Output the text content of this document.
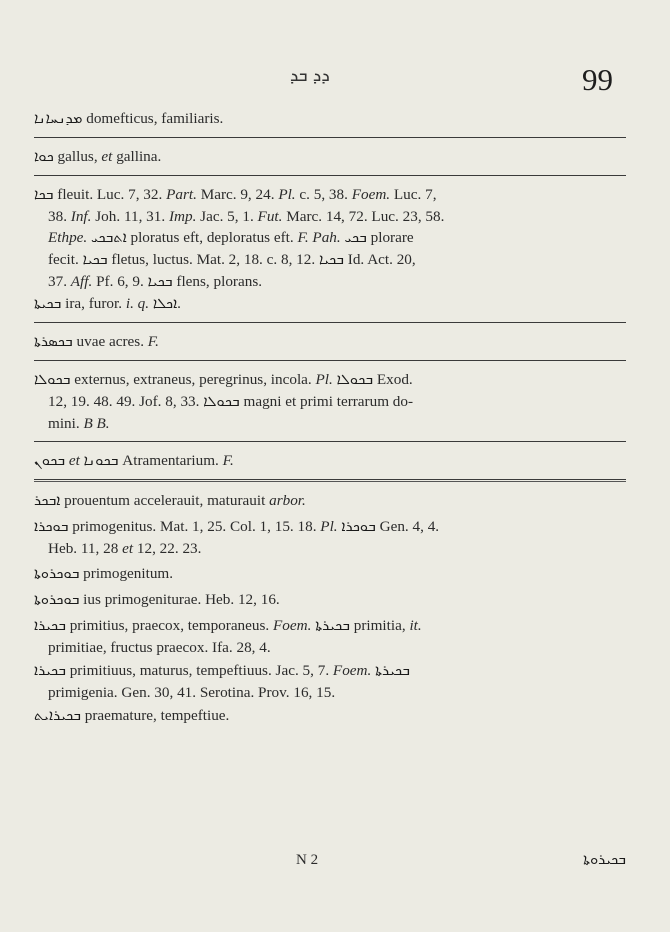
ܕܕ ܒܕ	99

ܡܕܢܚܐܢܐ domefticus, familiaris.

ܟܘܐ gallus, et gallina.

ܒܟܐ fleuit. Luc. 7, 32. Part. Marc. 9, 24. Pl. c. 5, 38. Foem. Luc. 7,

38. Inf. Joh. 11, 31. Imp. Jac. 5, 1. Fut. Marc. 14, 72. Luc. 23, 58.

Ethpe. ܐܬܒܟܝ ploratus eft, deploratus eft. F. Pah. ܒܟܝ plorare

fecit. ܒܟܝܐ fletus, luctus. Mat. 2, 18. c. 8, 12. ܒܟܝܐ Id. Act. 20,

37. Aff. Pf. 6, 9. ܒܟܝܐ flens, plorans.

ܒܟܝܬܐ ira, furor. i. q. ܐܟܠܐ.

ܒܟܣܪܬܐ uvae acres. F.

ܒܟܘܠܐ externus, extraneus, peregrinus, incola. Pl. ܒܟܘܠܐ Exod.

12, 19. 48. 49. Jof. 8, 33. ܒܟܘܠܐ magni et primi terrarum do-

mini. B B.

ܒܟܘܢ et ܒܟܘܢܐ Atramentarium. F.

ܐܒܟܪ prouentum accelerauit, maturauit arbor.

ܒܘܟܪܐ primogenitus. Mat. 1, 25. Col. 1, 15. 18. Pl. ܒܘܟܪܐ Gen. 4, 4.

Heb. 11, 28 et 12, 22. 23.

ܒܘܟܪܘܬܐ primogenitum.

ܒܘܟܪܘܬܐ ius primogeniturae. Heb. 12, 16.

ܒܟܝܪܐ primitius, praecox, temporaneus. Foem. ܒܟܝܪܬܐ primitia, it.

primitiae, fructus praecox. Ifa. 28, 4.

ܒܟܝܪܐ primitiuus, maturus, tempeftiuus. Jac. 5, 7. Foem. ܒܟܝܪܬܐ

primigenia. Gen. 30, 41. Serotina. Prov. 16, 15.

ܒܟܝܪܐܝܬ praemature, tempeftiue.

N 2	ܒܟܝܪܘܬܐ
